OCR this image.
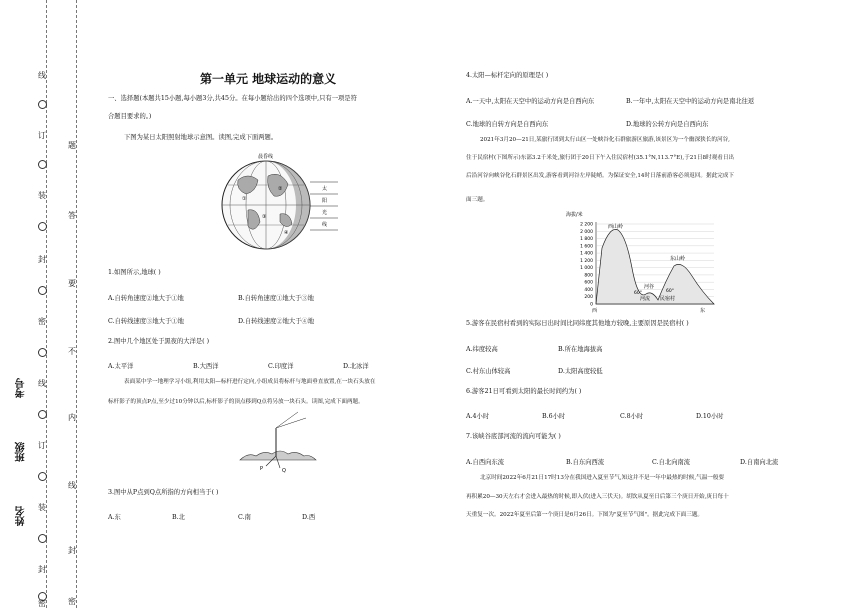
线
订
装
封
密
线
订
装
封
密
题
答
要
不
内
线
封
密
考号
班级
姓名
第一单元 地球运动的意义
一、选择题(本题共15小题,每小题3分,共45分。在每小题给出的四个选项中,只有一项是符
合题目要求的。)
下图为某日太阳照射地球示意图。读图,完成下面两题。
晨昏线
①
②
③
④
太
阳
光
线
1.如图所示,地球( )
A.自转角速度②地大于①地	B.自转角速度①地大于③地
C.自转线速度③地大于①地	D.自转线速度②地大于④地
2.图中几个地区处于黑夜的大洋是( )
A.太平洋	B.大西洋	C.印度洋	D.北冰洋
表面某中学一地理学习小组,利用太阳—标杆进行定向,小组成员将标杆与地面垂直放置,在一块石头放在
标杆影子的顶点P点,至少过10分钟以后,标杆影子的顶点移到Q点将另放一块石头。读图,完成下面两题。
P	Q
3.图中从P点到Q点所指的方向相当于( )
A.东	B.北	C.南	D.西
4.太阳—标杆定向的原理是( )
A.一天中,太阳在天空中的运动方向是自西向东	B.一年中,太阳在天空中的运动方向是南北往返
C.地球的自转方向是自西向东	D.地球的公转方向是自西向东
2021年3月20—21日,某旅行团到太行山区一处峡谷化石群旅游区旅游,该景区为一个幽深狭长的河谷,
住于民宿村(下图所示)东部3.2千米处,旅行团于20日下午入住民宿村(35.1°N,113.7°E),于21日8时观看日出
后沿河谷向峡谷化石群景区出发,游客看到河谷左岸陡峭。为保证安全,14时日落前游客必须返回。据此完成下
面三题。
海拔/米
2 200
2 000
1 800
1 600
1 400
1 200
1 000
800
600
400
200
0
西山岭
东山岭
河谷
民宿村
河流
60°	60°
西	东
5.游客在民宿村看到的实际日出时间比同纬度其他地方较晚,主要原因是民宿村( )
A.纬度较高	B.所在地海拔高
C.村东山体较高	D.太阳高度较低
6.游客21日可看到太阳的最长时间约为( )
A.4小时	B.6小时	C.8小时	D.10小时
7.该峡谷底部河流的流向可能为( )
A.自西向东流	B.自东向西流	C.自北向南流	D.自南向北流
北京时间2022年6月21日17时13分在我国进入夏至节气,知这并不是一年中最热的时候,气温一般要
再积累20—30天左右才会进入最热的时候,即入伏(进入三伏天)。胡饮从夏至日后第三个庚日开始,庚日每十
天重复一次。2022年夏至后第一个庚日是6月26日。下图为"夏至节气图"。据此完成下面三题。
